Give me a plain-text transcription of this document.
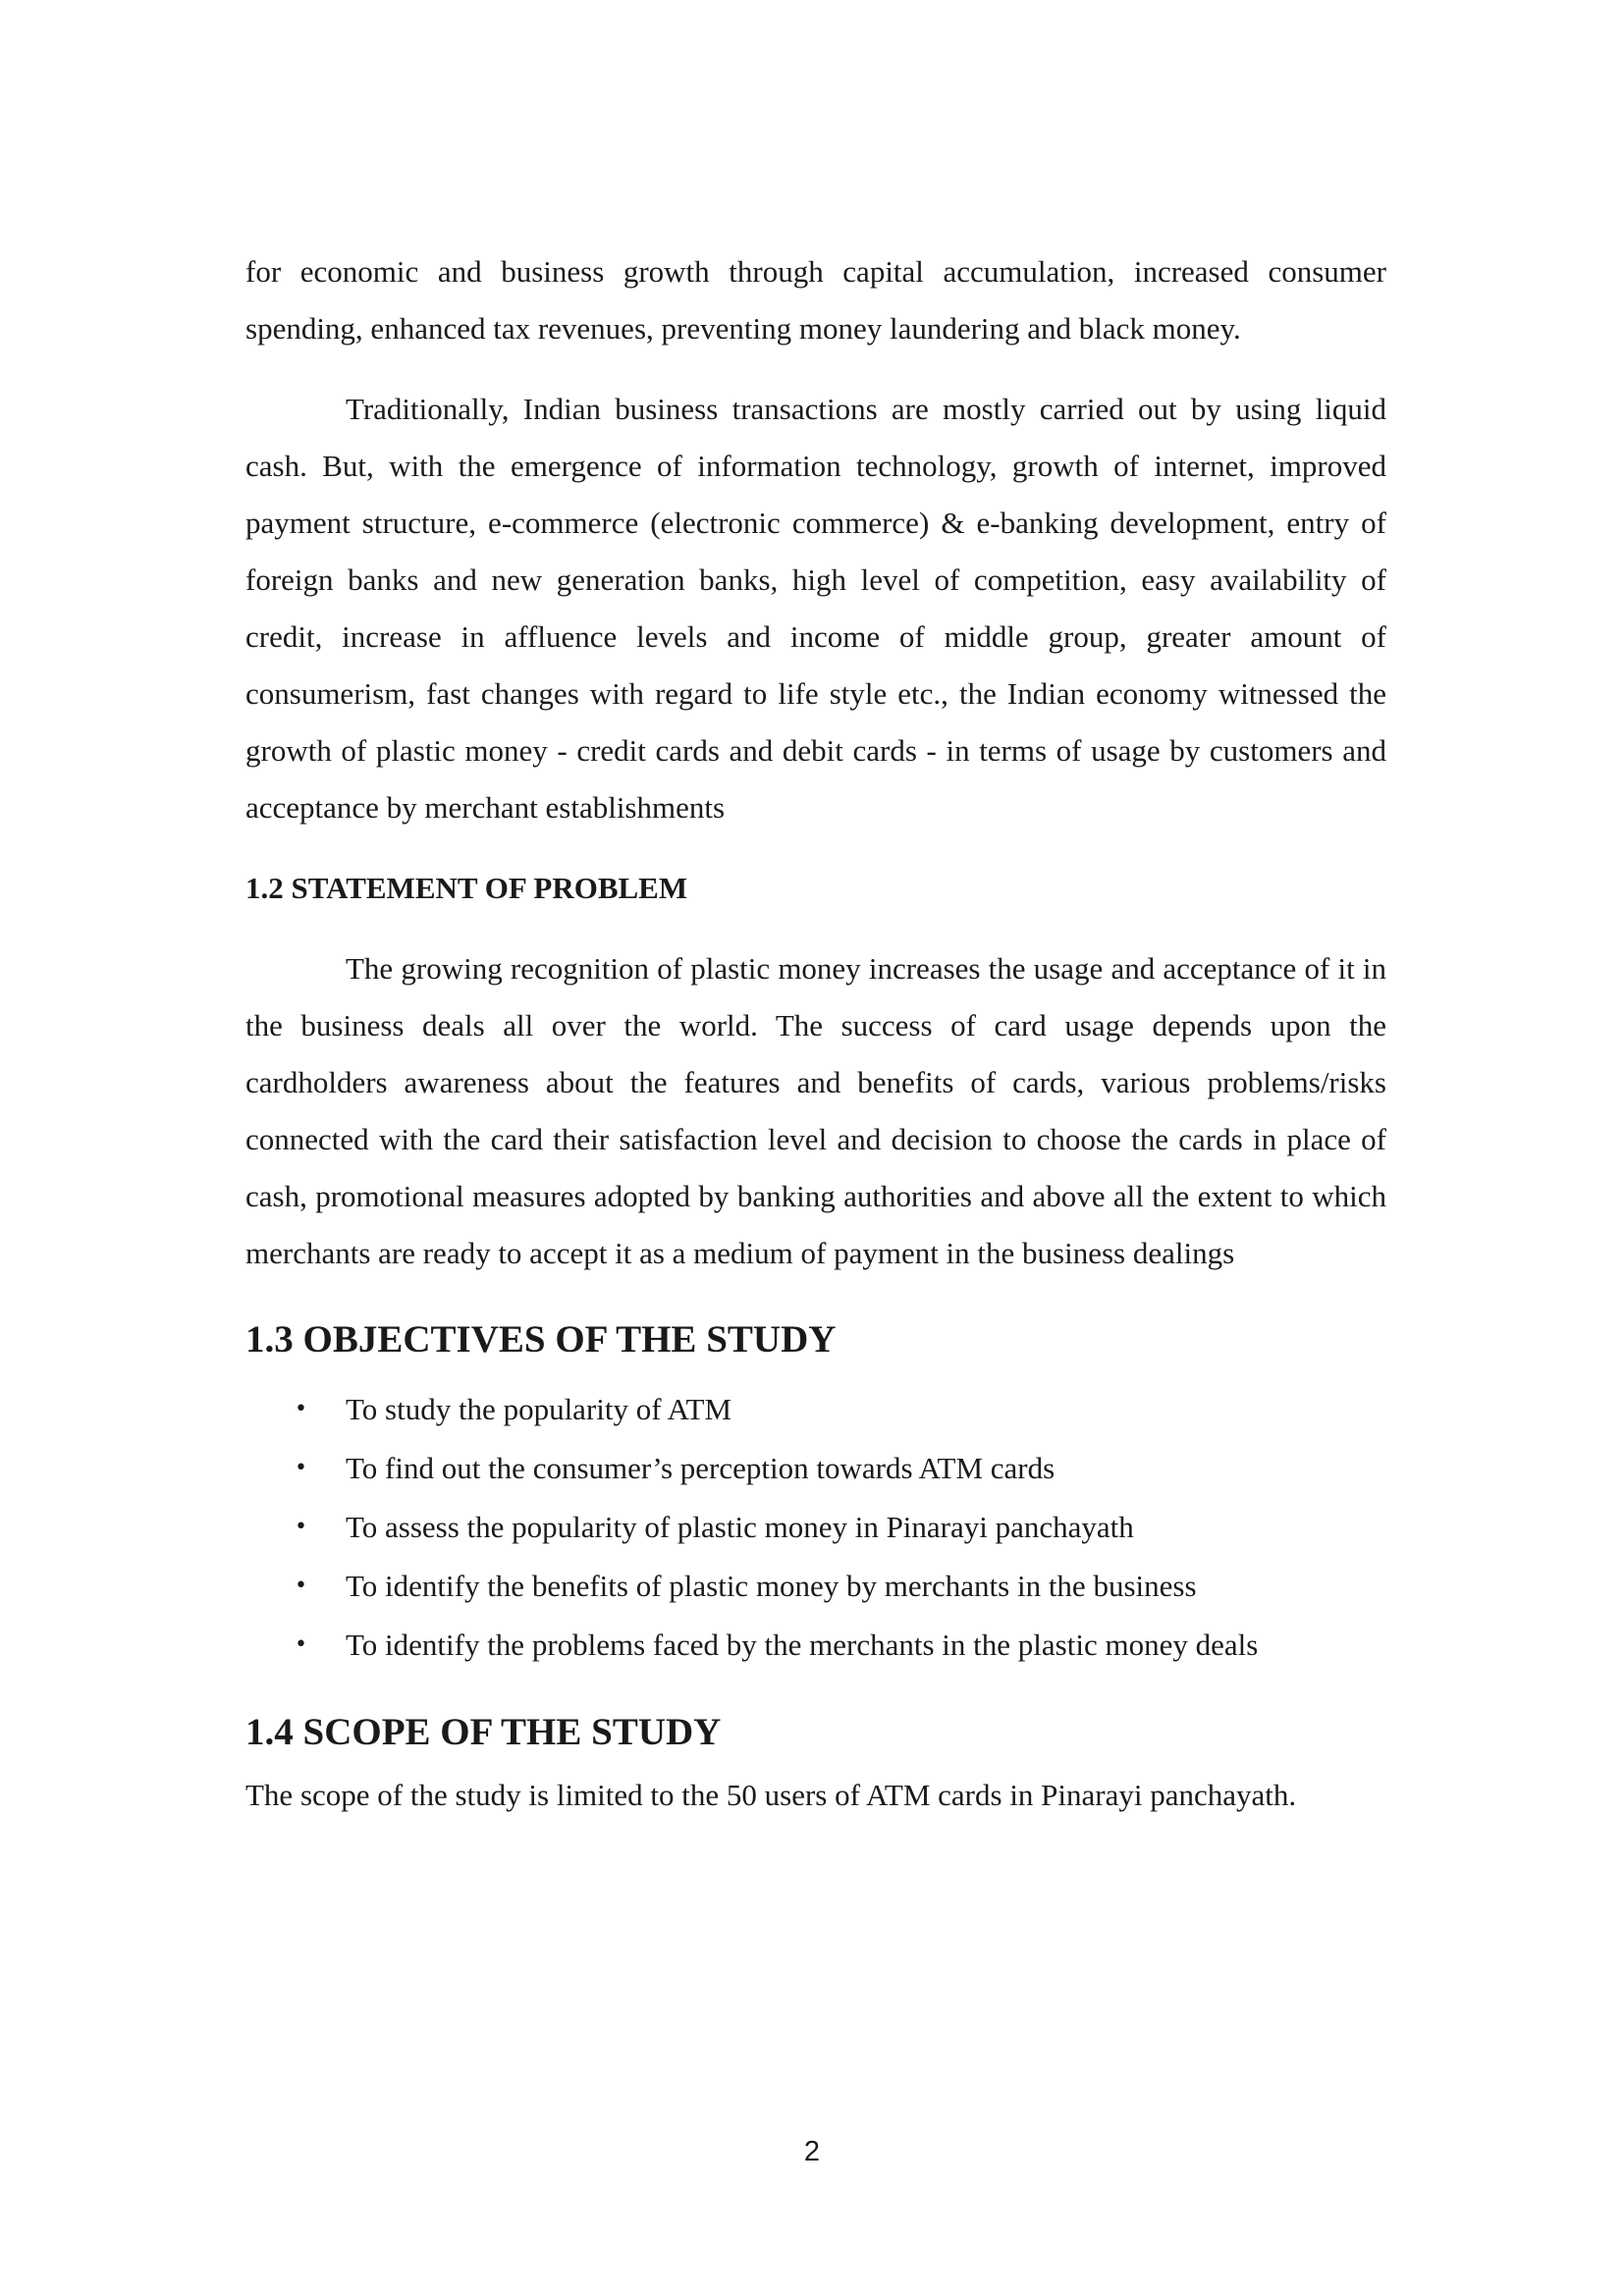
for economic and business growth through capital accumulation, increased consumer spending, enhanced tax revenues, preventing money laundering and black money.

Traditionally, Indian business transactions are mostly carried out by using liquid cash. But, with the emergence of information technology, growth of internet, improved payment structure, e-commerce (electronic commerce) & e-banking development, entry of foreign banks and new generation banks, high level of competition, easy availability of credit, increase in affluence levels and income of middle group, greater amount of consumerism, fast changes with regard to life style etc., the Indian economy witnessed the growth of plastic money - credit cards and debit cards - in terms of usage by customers and acceptance by merchant establishments

1.2 STATEMENT OF PROBLEM

The growing recognition of plastic money increases the usage and acceptance of it in the business deals all over the world. The success of card usage depends upon the cardholders awareness about the features and benefits of cards, various problems/risks connected with the card their satisfaction level and decision to choose the cards in place of cash, promotional measures adopted by banking authorities and above all the extent to which merchants are ready to accept it as a medium of payment in the business dealings

1.3 OBJECTIVES OF THE STUDY
• To study the popularity of ATM
• To find out the consumer’s perception towards ATM cards
• To assess the popularity of plastic money in Pinarayi panchayath
• To identify the benefits of plastic money by merchants in the business
• To identify the problems faced by the merchants in the plastic money deals
1.4 SCOPE OF THE STUDY

The scope of the study is limited to the 50 users of ATM cards in Pinarayi panchayath.

2
